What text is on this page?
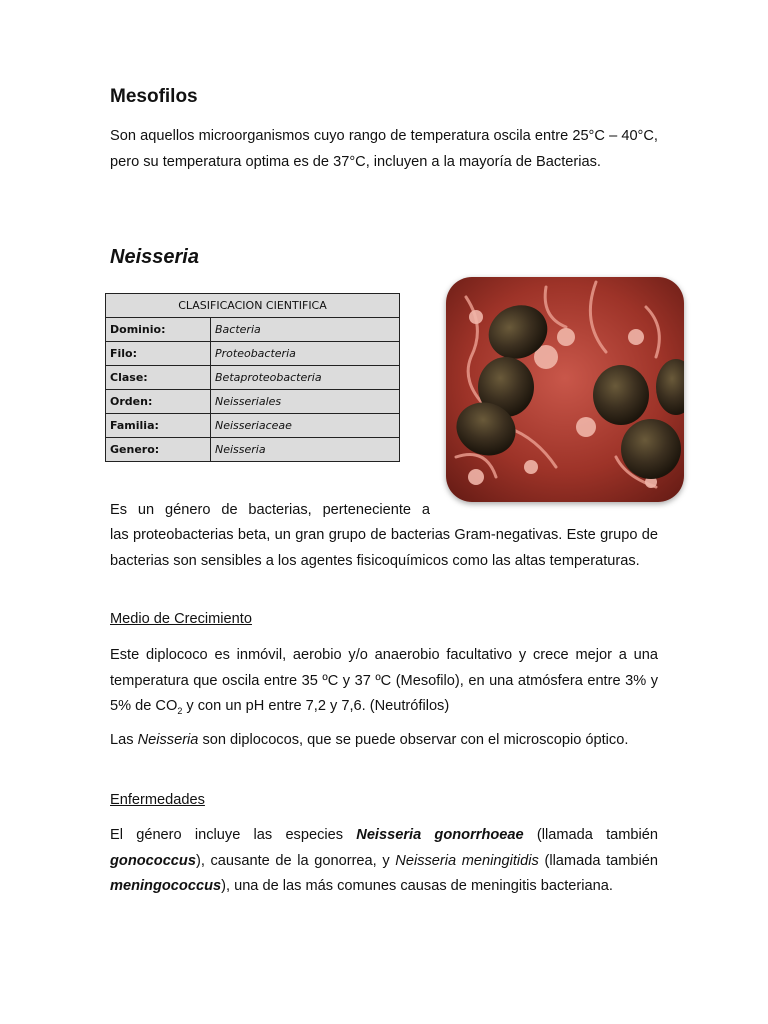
Mesofilos
Son aquellos microorganismos cuyo rango de temperatura oscila entre 25°C – 40°C, pero su temperatura optima es de 37°C, incluyen a la mayoría de Bacterias.
Neisseria
CLASIFICACION CIENTIFICA	
Dominio:	Bacteria
Filo:	Proteobacteria
Clase:	Betaproteobacteria
Orden:	Neisseriales
Familia:	Neisseriaceae
Genero:	Neisseria
Es un género de bacterias, perteneciente a
las proteobacterias beta, un gran grupo de bacterias Gram-negativas. Este grupo de bacterias son sensibles a los agentes fisicoquímicos como las altas temperaturas.
Medio de Crecimiento
Este diplococo es inmóvil, aerobio y/o anaerobio facultativo y crece mejor a una temperatura que oscila entre 35 ºC y 37 ºC (Mesofilo), en una atmósfera entre 3% y 5% de $CO_2$ y con un pH entre 7,2 y 7,6. (Neutrófilos)
Las Neisseria son diplococos, que se puede observar con el microscopio óptico.
Enfermedades
El género incluye las especies Neisseria gonorrhoeae (llamada también gonococcus), causante de la gonorrea, y Neisseria meningitidis (llamada también meningococcus), una de las más comunes causas de meningitis bacteriana.
